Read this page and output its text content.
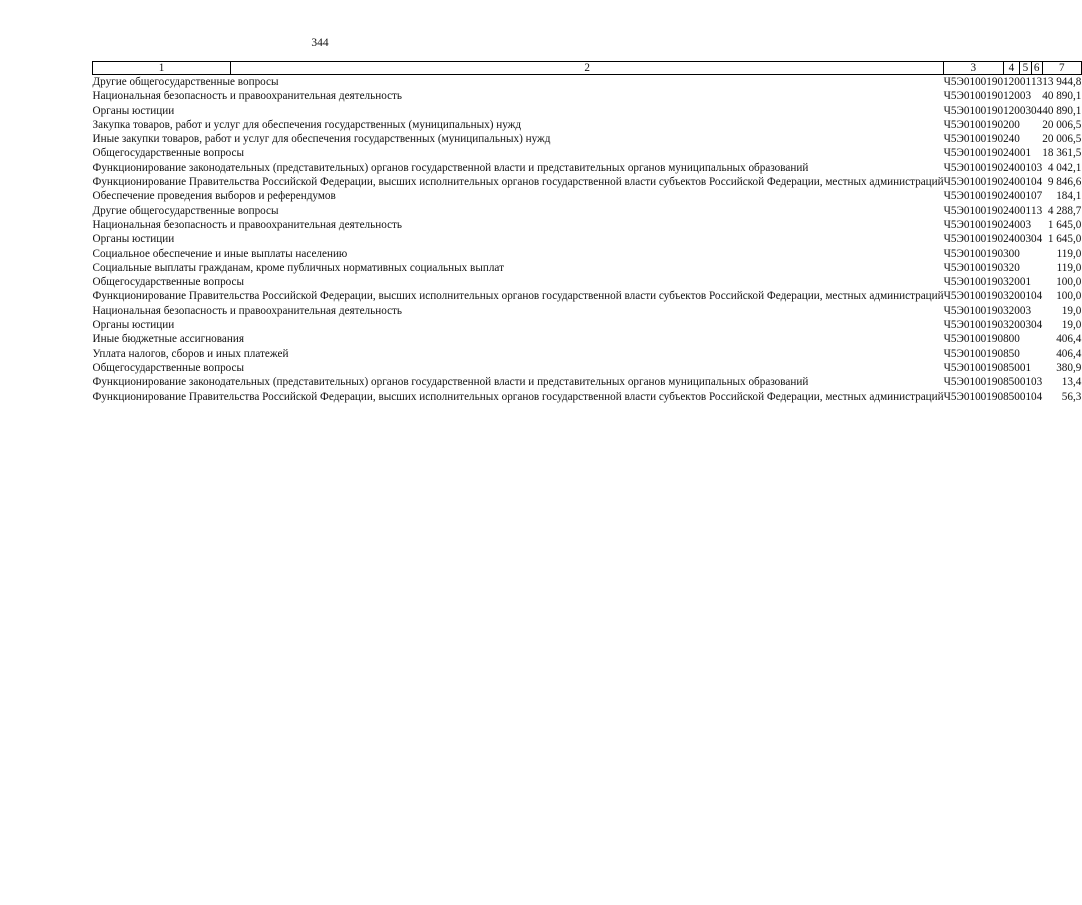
344
1	2	3	4	5	6	7
Другие общегосударственные вопросы		Ч5Э0100190	120	01	13	13 944,8
Национальная безопасность и правоохранительная деятельность		Ч5Э0100190	120	03		40 890,1
Органы юстиции		Ч5Э0100190	120	03	04	40 890,1
Закупка товаров, работ и услуг для обеспечения государственных (муниципальных) нужд		Ч5Э0100190	200			20 006,5
Иные закупки товаров, работ и услуг для обеспечения государственных (муниципальных) нужд		Ч5Э0100190	240			20 006,5
Общегосударственные вопросы		Ч5Э0100190	240	01		18 361,5
Функционирование законодательных (представительных) органов государственной власти и представительных органов муниципальных образований		Ч5Э0100190	240	01	03	4 042,1
Функционирование Правительства Российской Федерации, высших исполнительных органов государственной власти субъектов Российской Федерации, местных администраций		Ч5Э0100190	240	01	04	9 846,6
Обеспечение проведения выборов и референдумов		Ч5Э0100190	240	01	07	184,1
Другие общегосударственные вопросы		Ч5Э0100190	240	01	13	4 288,7
Национальная безопасность и правоохранительная деятельность		Ч5Э0100190	240	03		1 645,0
Органы юстиции		Ч5Э0100190	240	03	04	1 645,0
Социальное обеспечение и иные выплаты населению		Ч5Э0100190	300			119,0
Социальные выплаты гражданам, кроме публичных нормативных социальных выплат		Ч5Э0100190	320			119,0
Общегосударственные вопросы		Ч5Э0100190	320	01		100,0
Функционирование Правительства Российской Федерации, высших исполнительных органов государственной власти субъектов Российской Федерации, местных администраций		Ч5Э0100190	320	01	04	100,0
Национальная безопасность и правоохранительная деятельность		Ч5Э0100190	320	03		19,0
Органы юстиции		Ч5Э0100190	320	03	04	19,0
Иные бюджетные ассигнования		Ч5Э0100190	800			406,4
Уплата налогов, сборов и иных платежей		Ч5Э0100190	850			406,4
Общегосударственные вопросы		Ч5Э0100190	850	01		380,9
Функционирование законодательных (представительных) органов государственной власти и представительных органов муниципальных образований		Ч5Э0100190	850	01	03	13,4
Функционирование Правительства Российской Федерации, высших исполнительных органов государственной власти субъектов Российской Федерации, местных администраций		Ч5Э0100190	850	01	04	56,3
